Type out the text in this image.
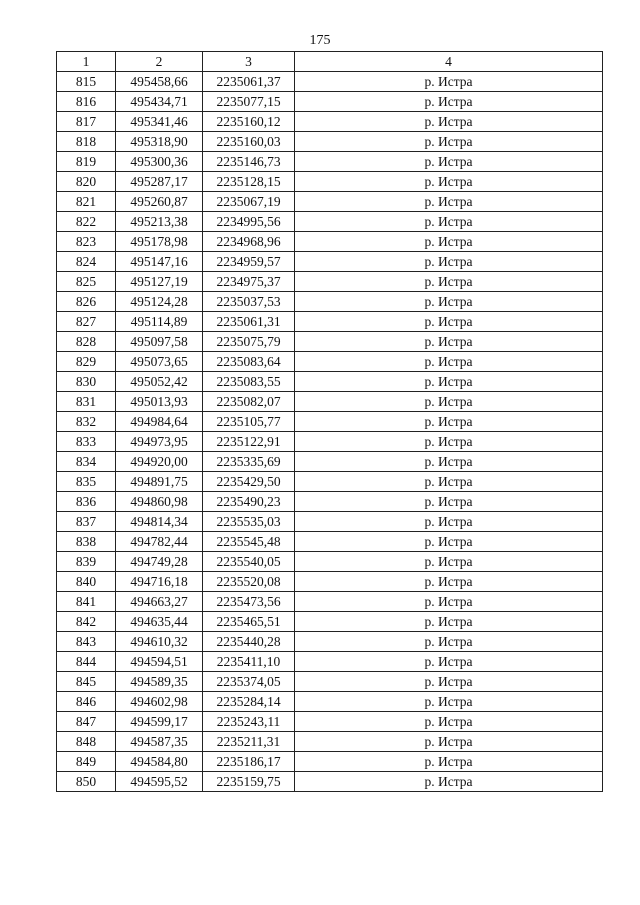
175
1	2	3	4
815	495458,66	2235061,37	р. Истра
816	495434,71	2235077,15	р. Истра
817	495341,46	2235160,12	р. Истра
818	495318,90	2235160,03	р. Истра
819	495300,36	2235146,73	р. Истра
820	495287,17	2235128,15	р. Истра
821	495260,87	2235067,19	р. Истра
822	495213,38	2234995,56	р. Истра
823	495178,98	2234968,96	р. Истра
824	495147,16	2234959,57	р. Истра
825	495127,19	2234975,37	р. Истра
826	495124,28	2235037,53	р. Истра
827	495114,89	2235061,31	р. Истра
828	495097,58	2235075,79	р. Истра
829	495073,65	2235083,64	р. Истра
830	495052,42	2235083,55	р. Истра
831	495013,93	2235082,07	р. Истра
832	494984,64	2235105,77	р. Истра
833	494973,95	2235122,91	р. Истра
834	494920,00	2235335,69	р. Истра
835	494891,75	2235429,50	р. Истра
836	494860,98	2235490,23	р. Истра
837	494814,34	2235535,03	р. Истра
838	494782,44	2235545,48	р. Истра
839	494749,28	2235540,05	р. Истра
840	494716,18	2235520,08	р. Истра
841	494663,27	2235473,56	р. Истра
842	494635,44	2235465,51	р. Истра
843	494610,32	2235440,28	р. Истра
844	494594,51	2235411,10	р. Истра
845	494589,35	2235374,05	р. Истра
846	494602,98	2235284,14	р. Истра
847	494599,17	2235243,11	р. Истра
848	494587,35	2235211,31	р. Истра
849	494584,80	2235186,17	р. Истра
850	494595,52	2235159,75	р. Истра
